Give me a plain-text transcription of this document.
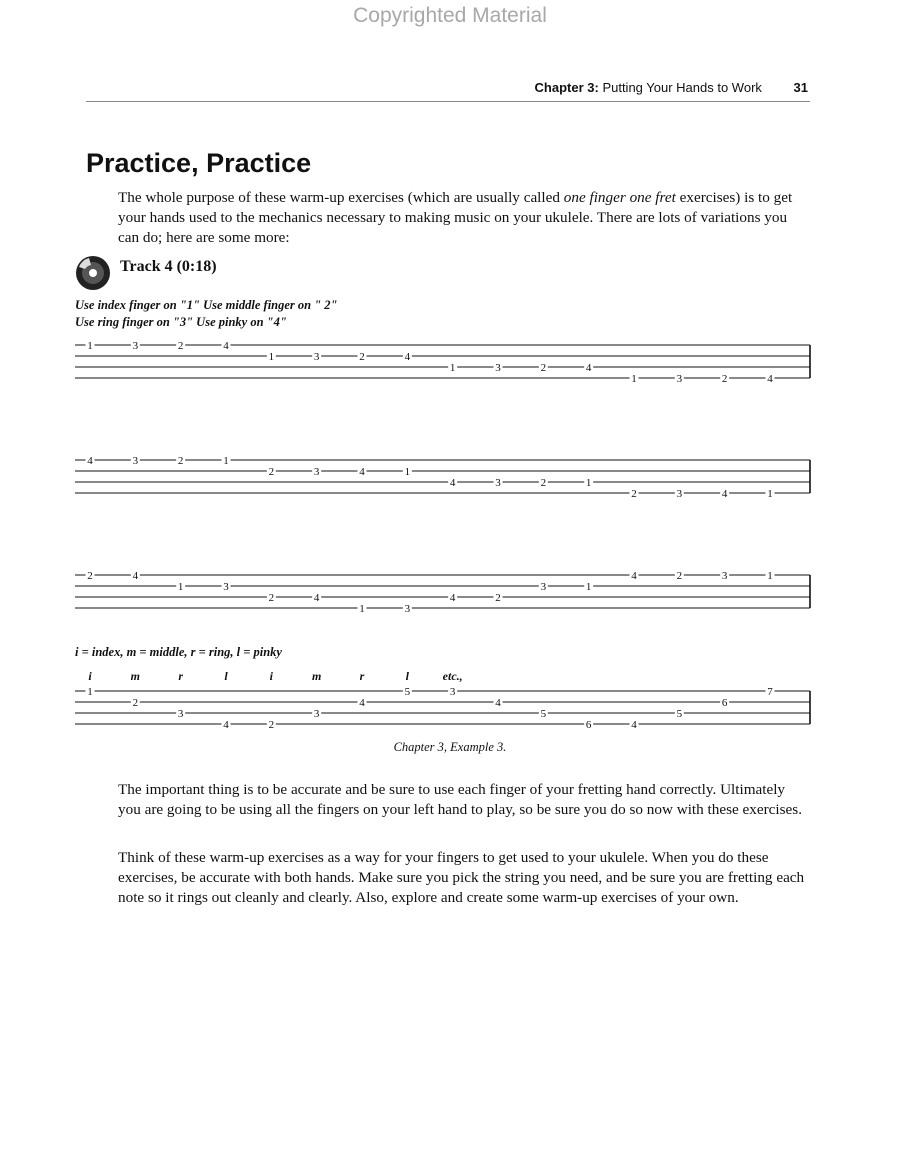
Copyrighted Material
Chapter 3: Putting Your Hands to Work 31
Practice, Practice

The whole purpose of these warm-up exercises (which are usually called one finger one fret exercises) is to get your hands used to the mechanics necessary to making music on your ukulele. There are lots of variations you can do; here are some more:

Track 4 (0:18)
Use index finger on "1" Use middle finger on " 2"
Use ring finger on "3" Use pinky on "4"
1	3	2	4
1	3	2	4
1	3	2	4
1	3	2	4
4	3	2	1
2	3	4	1
4	3	2	1
2	3	4	1
2	4
1	3
2	4
1	3
4	2
3	1
4	2	3	1
i = index, m = middle, r = ring, l = pinky
1
2
3
4	2
3
4
5	3
4
5
6	4
5
6
7
i	m	r	l	i	m	r	l	etc.,
Chapter 3, Example 3.

The important thing is to be accurate and be sure to use each finger of your fretting hand correctly. Ultimately you are going to be using all the fingers on your left hand to play, so be sure you do so now with these exercises.

Think of these warm-up exercises as a way for your fingers to get used to your ukulele. When you do these exercises, be accurate with both hands. Make sure you pick the string you need, and be sure you are fretting each note so it rings out cleanly and clearly. Also, explore and create some warm-up exercises of your own.
